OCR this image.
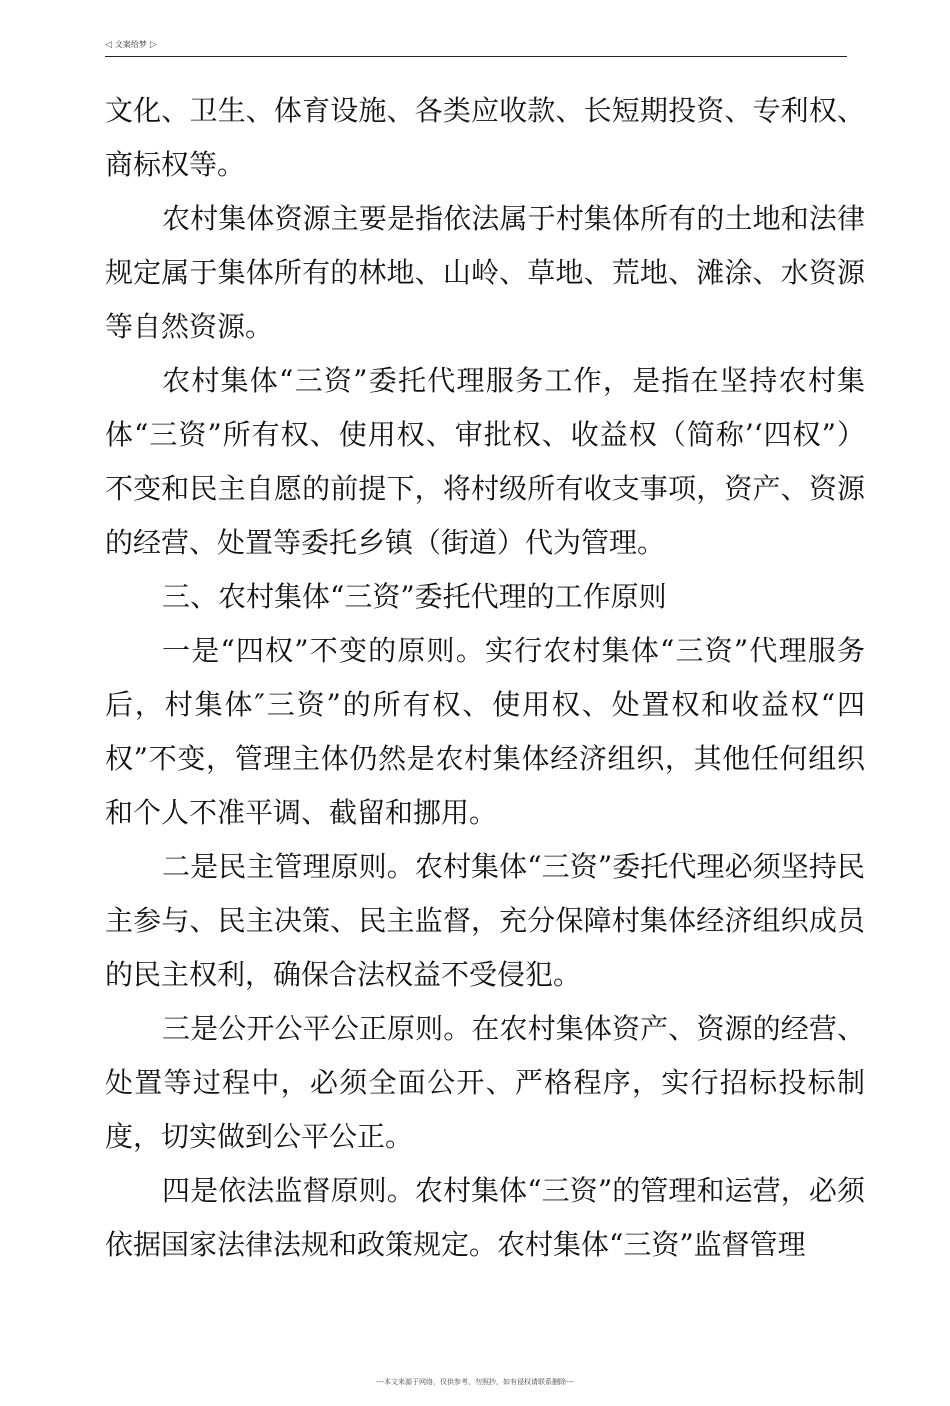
◁ 文案给梦 ▷

文化、卫生、体育设施、各类应收款、长短期投资、专利权、商标权等。

农村集体资源主要是指依法属于村集体所有的土地和法律规定属于集体所有的林地、山岭、草地、荒地、滩涂、水资源等自然资源。

农村集体“三资”委托代理服务工作，是指在坚持农村集体“三资”所有权、使用权、审批权、收益权（简称’‘四权”）不变和民主自愿的前提下，将村级所有收支事项，资产、资源的经营、处置等委托乡镇（街道）代为管理。

三、农村集体“三资”委托代理的工作原则

一是“四权”不变的原则。实行农村集体“三资”代理服务后，村集体″三资”的所有权、使用权、处置权和收益权“四权”不变，管理主体仍然是农村集体经济组织，其他任何组织和个人不准平调、截留和挪用。

二是民主管理原则。农村集体“三资”委托代理必须坚持民主参与、民主决策、民主监督，充分保障村集体经济组织成员的民主权利，确保合法权益不受侵犯。

三是公开公平公正原则。在农村集体资产、资源的经营、处置等过程中，必须全面公开、严格程序，实行招标投标制度，切实做到公平公正。

四是依法监督原则。农村集体“三资”的管理和运营，必须依据国家法律法规和政策规定。农村集体“三资”监督管理

---本文来源于网络，仅供参考，勿照抄，如有侵权请联系删除---
